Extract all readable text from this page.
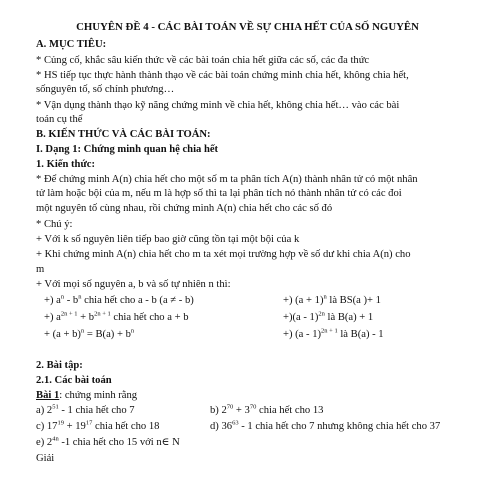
CHUYÊN ĐỀ 4 - CÁC BÀI TOÁN VỀ SỰ CHIA HẾT CỦA SỐ NGUYÊN
A. MỤC TIÊU:
* Củng cố, khắc sâu kiến thức về các bài toán chia hết giữa các số, các đa thức
* HS tiếp tục thực hành thành thạo về các bài toán chứng minh chia hết, không chia hết,
sốnguyên tố, số chính phương…
* Vận dụng thành thạo kỹ năng chứng minh về chia hết, không chia hết… vào các bài
toán cụ thể
B. KIẾN THỨC VÀ CÁC BÀI TOÁN:
I. Dạng 1: Chứng minh quan hệ chia hết
1. Kiến thức:
* Để chứng minh A(n) chia hết cho một số m ta phân tích A(n) thành nhân tử có một nhân
tử làm hoặc bội của m, nếu m là hợp số thì ta lại phân tích nó thành nhân tử có các đoi
một nguyên tố cùng nhau, rồi chứng minh A(n) chia hết cho các số đó
* Chú ý:
+ Với k số nguyên liên tiếp bao giờ cũng tồn tại một bội của k
+ Khi chứng minh A(n) chia hết cho m ta xét mọi trường hợp về số dư khi chia A(n) cho
m
+ Với mọi số nguyên a, b và số tự nhiên n thì:
+) $a^n - b^n$ chia hết cho a - b (a ≠ - b)	+) $(a + 1)^n$ là BS(a )+ 1
+) $a^{2n + 1} + b^{2n + 1}$ chia hết cho a + b	+)(a - 1)$^{2n}$ là B(a) + 1
+ $(a + b)^n = B(a) + b^n$	+) (a - 1)$^{2n + 1}$ là B(a) - 1
2. Bài tập:
2.1. Các bài toán
Bài 1: chứng minh rằng
a) $2^{51} - 1$ chia hết cho 7	b) $2^{70} + 3^{70}$ chia hết cho 13
c) $17^{19} + 19^{17}$ chia hết cho 18	d) $36^{63} - 1$ chia hết cho 7 nhưng không chia hết cho 37
e) $2^{4n}$ -1 chia hết cho 15 với n∈ N
Giải
